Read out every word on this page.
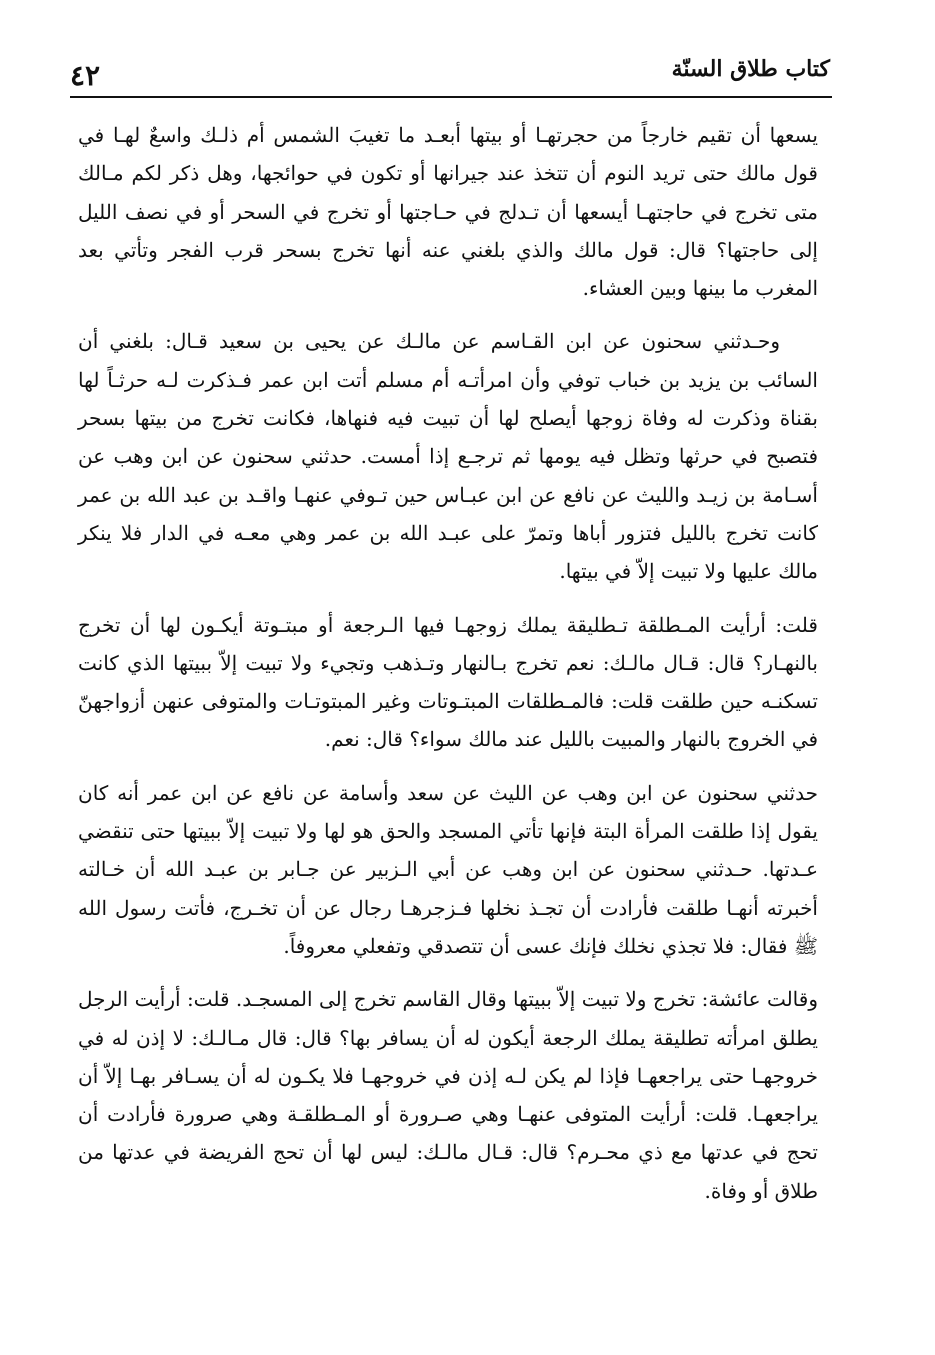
كتاب طلاق السنّة
٤٢

يسعها أن تقيم خارجاً من حجرتهـا أو بيتها أبعـد ما تغيبَ الشمس أم ذلـك واسعٌ لهـا في قول مالك حتى تريد النوم أن تتخذ عند جيرانها أو تكون في حوائجها، وهل ذكر لكم مـالك متى تخرج في حاجتهـا أيسعها أن تـدلج في حـاجتها أو تخرج في السحر أو في نصف الليل إلى حاجتها؟ قال: قول مالك والذي بلغني عنه أنها تخرج بسحر قرب الفجر وتأتي بعد المغرب ما بينها وبين العشاء.

وحـدثني سحنون عن ابن القـاسم عن مالـك عن يحيى بن سعيد قـال: بلغني أن السائب بن يزيد بن خباب توفي وأن امرأتـه أم مسلم أتت ابن عمر فـذكرت لـه حرثـاً لها بقناة وذكرت له وفاة زوجها أيصلح لها أن تبيت فيه فنهاها، فكانت تخرج من بيتها بسحر فتصبح في حرثها وتظل فيه يومها ثم ترجـع إذا أمست. حدثني سحنون عن ابن وهب عن أسـامة بن زيـد والليث عن نافع عن ابن عبـاس حين تـوفي عنهـا واقـد بن عبد الله بن عمر كانت تخرج بالليل فتزور أباها وتمرّ على عبـد الله بن عمر وهي معـه في الدار فلا ينكر مالك عليها ولا تبيت إلاّ في بيتها.

قلت: أرأيت المـطلقة تـطليقة يملك زوجهـا فيها الـرجعة أو مبتـوتة أيكـون لها أن تخرج بالنهـار؟ قال: قـال مالـك: نعم تخرج بـالنهار وتـذهب وتجيء ولا تبيت إلاّ ببيتها الذي كانت تسكنـه حين طلقت قلت: فالمـطلقات المبتـوتات وغير المبتوتـات والمتوفى عنهن أزواجهنّ في الخروج بالنهار والمبيت بالليل عند مالك سواء؟ قال: نعم.

حدثني سحنون عن ابن وهب عن الليث عن سعد وأسامة عن نافع عن ابن عمر أنه كان يقول إذا طلقت المرأة البتة فإنها تأتي المسجد والحق هو لها ولا تبيت إلاّ ببيتها حتى تنقضي عـدتها. حـدثني سحنون عن ابن وهب عن أبي الـزبير عن جـابر بن عبـد الله أن خـالته أخبرته أنهـا طلقت فأرادت أن تجـذ نخلها فـزجرهـا رجال عن أن تخـرج، فأتت رسول الله ﷺ فقال: فلا تجذي نخلك فإنك عسى أن تتصدقي وتفعلي معروفاً.

وقالت عائشة: تخرج ولا تبيت إلاّ ببيتها وقال القاسم تخرج إلى المسجـد. قلت: أرأيت الرجل يطلق امرأته تطليقة يملك الرجعة أيكون له أن يسافر بها؟ قال: قال مـالـك: لا إذن له في خروجهـا حتى يراجعهـا فإذا لم يكن لـه إذن في خروجهـا فلا يكـون له أن يسـافر بهـا إلاّ أن يراجعهـا. قلت: أرأيت المتوفى عنهـا وهي صـرورة أو المـطلقـة وهي صرورة فأرادت أن تحج في عدتها مع ذي محـرم؟ قال: قـال مالـك: ليس لها أن تحج الفريضة في عدتها من طلاق أو وفاة.
